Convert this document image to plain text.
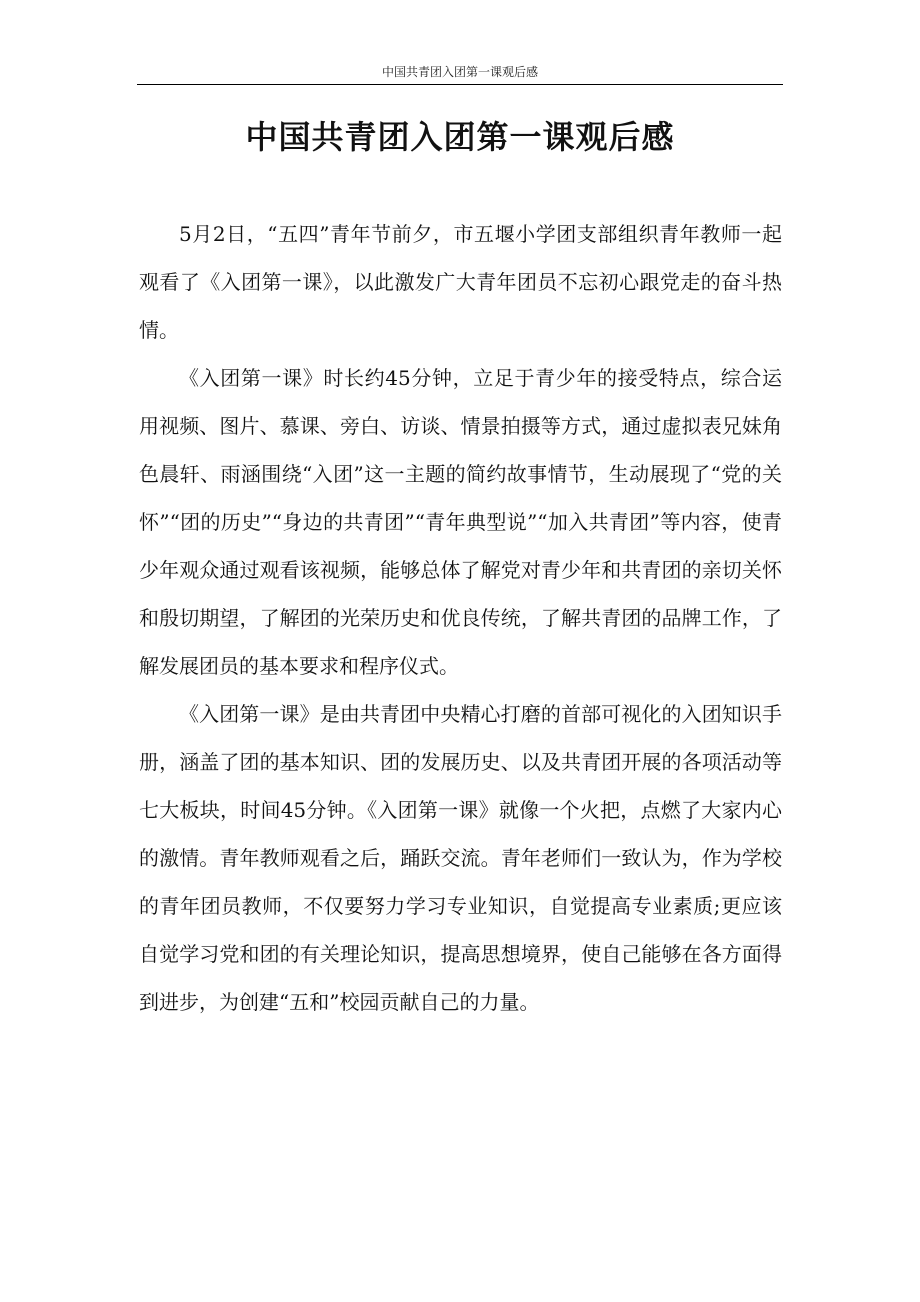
中国共青团入团第一课观后感
中国共青团入团第一课观后感

5月2日，“五四”青年节前夕，市五堰小学团支部组织青年教师一起观看了《入团第一课》，以此激发广大青年团员不忘初心跟党走的奋斗热情。

《入团第一课》时长约45分钟，立足于青少年的接受特点，综合运用视频、图片、慕课、旁白、访谈、情景拍摄等方式，通过虚拟表兄妹角色晨轩、雨涵围绕“入团”这一主题的简约故事情节，生动展现了“党的关怀”“团的历史”“身边的共青团”“青年典型说”“加入共青团”等内容，使青少年观众通过观看该视频，能够总体了解党对青少年和共青团的亲切关怀和殷切期望，了解团的光荣历史和优良传统，了解共青团的品牌工作，了解发展团员的基本要求和程序仪式。

《入团第一课》是由共青团中央精心打磨的首部可视化的入团知识手册，涵盖了团的基本知识、团的发展历史、以及共青团开展的各项活动等七大板块，时间45分钟。《入团第一课》就像一个火把，点燃了大家内心的激情。青年教师观看之后，踊跃交流。青年老师们一致认为，作为学校的青年团员教师，不仅要努力学习专业知识，自觉提高专业素质;更应该自觉学习党和团的有关理论知识，提高思想境界，使自己能够在各方面得到进步，为创建“五和”校园贡献自己的力量。
